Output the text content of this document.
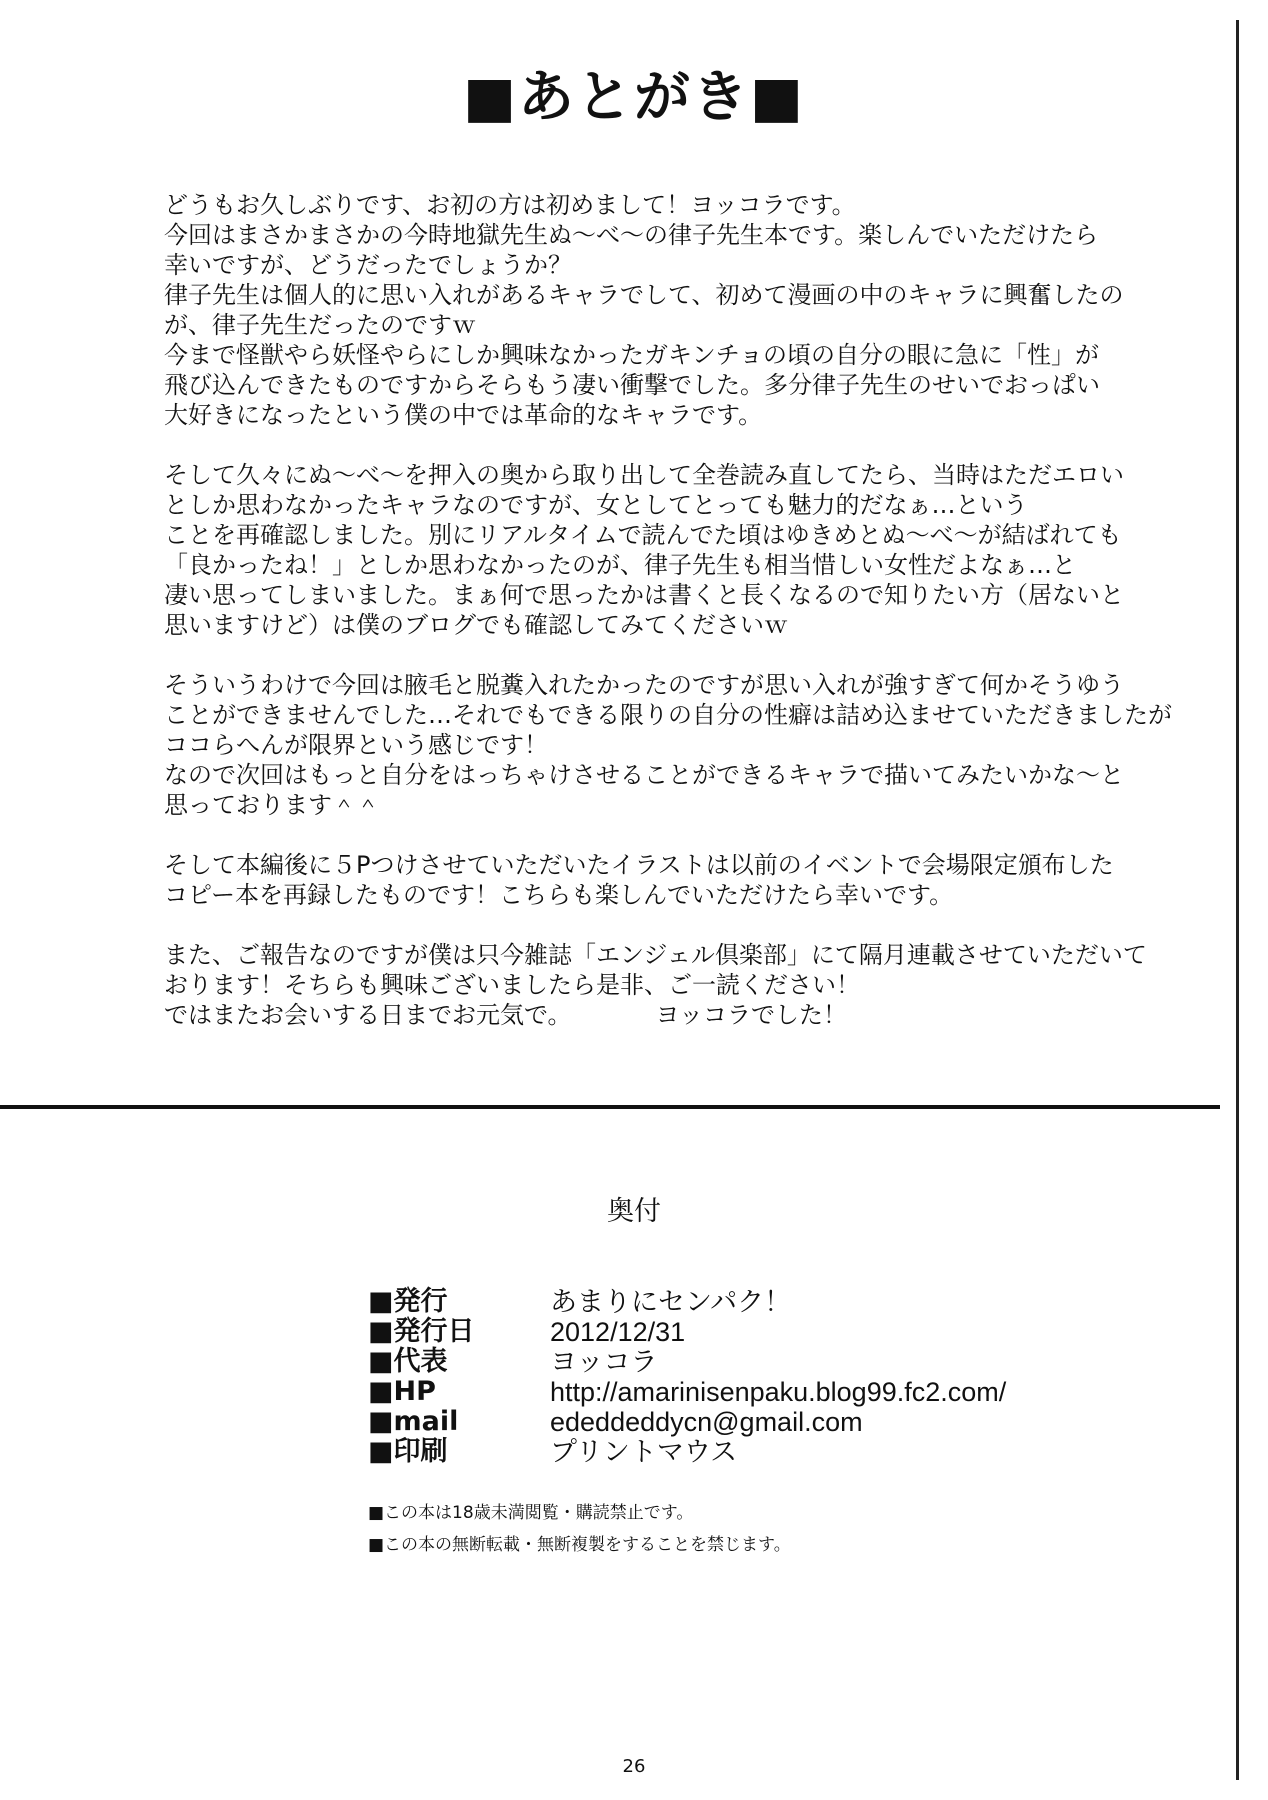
■あとがき■

どうもお久しぶりです、お初の方は初めまして！ヨッコラです。
今回はまさかまさかの今時地獄先生ぬ～べ～の律子先生本です。楽しんでいただけたら
幸いですが、どうだったでしょうか？
律子先生は個人的に思い入れがあるキャラでして、初めて漫画の中のキャラに興奮したの
が、律子先生だったのですｗ
今まで怪獣やら妖怪やらにしか興味なかったガキンチョの頃の自分の眼に急に「性」が
飛び込んできたものですからそらもう凄い衝撃でした。多分律子先生のせいでおっぱい
大好きになったという僕の中では革命的なキャラです。

そして久々にぬ～べ～を押入の奥から取り出して全巻読み直してたら、当時はただエロい
としか思わなかったキャラなのですが、女としてとっても魅力的だなぁ…という
ことを再確認しました。別にリアルタイムで読んでた頃はゆきめとぬ～べ～が結ばれても
「良かったね！」としか思わなかったのが、律子先生も相当惜しい女性だよなぁ…と
凄い思ってしまいました。まぁ何で思ったかは書くと長くなるので知りたい方（居ないと
思いますけど）は僕のブログでも確認してみてくださいｗ

そういうわけで今回は腋毛と脱糞入れたかったのですが思い入れが強すぎて何かそうゆう
ことができませんでした…それでもできる限りの自分の性癖は詰め込ませていただきましたが
ココらへんが限界という感じです！
なので次回はもっと自分をはっちゃけさせることができるキャラで描いてみたいかな～と
思っております＾＾

そして本編後に５Pつけさせていただいたイラストは以前のイベントで会場限定頒布した
コピー本を再録したものです！こちらも楽しんでいただけたら幸いです。

また、ご報告なのですが僕は只今雑誌「エンジェル倶楽部」にて隔月連載させていただいて
おります！そちらも興味ございましたら是非、ご一読ください！
ではまたお会いする日までお元気で。　　　　ヨッコラでした！

奥付
■発行	あまりにセンパク！
■発行日	2012/12/31
■代表	ヨッコラ
■HP	http://amarinisenpaku.blog99.fc2.com/
■mail	ededdeddycn@gmail.com
■印刷	プリントマウス
■この本は18歳未満閲覧・購読禁止です。
■この本の無断転載・無断複製をすることを禁じます。
26
